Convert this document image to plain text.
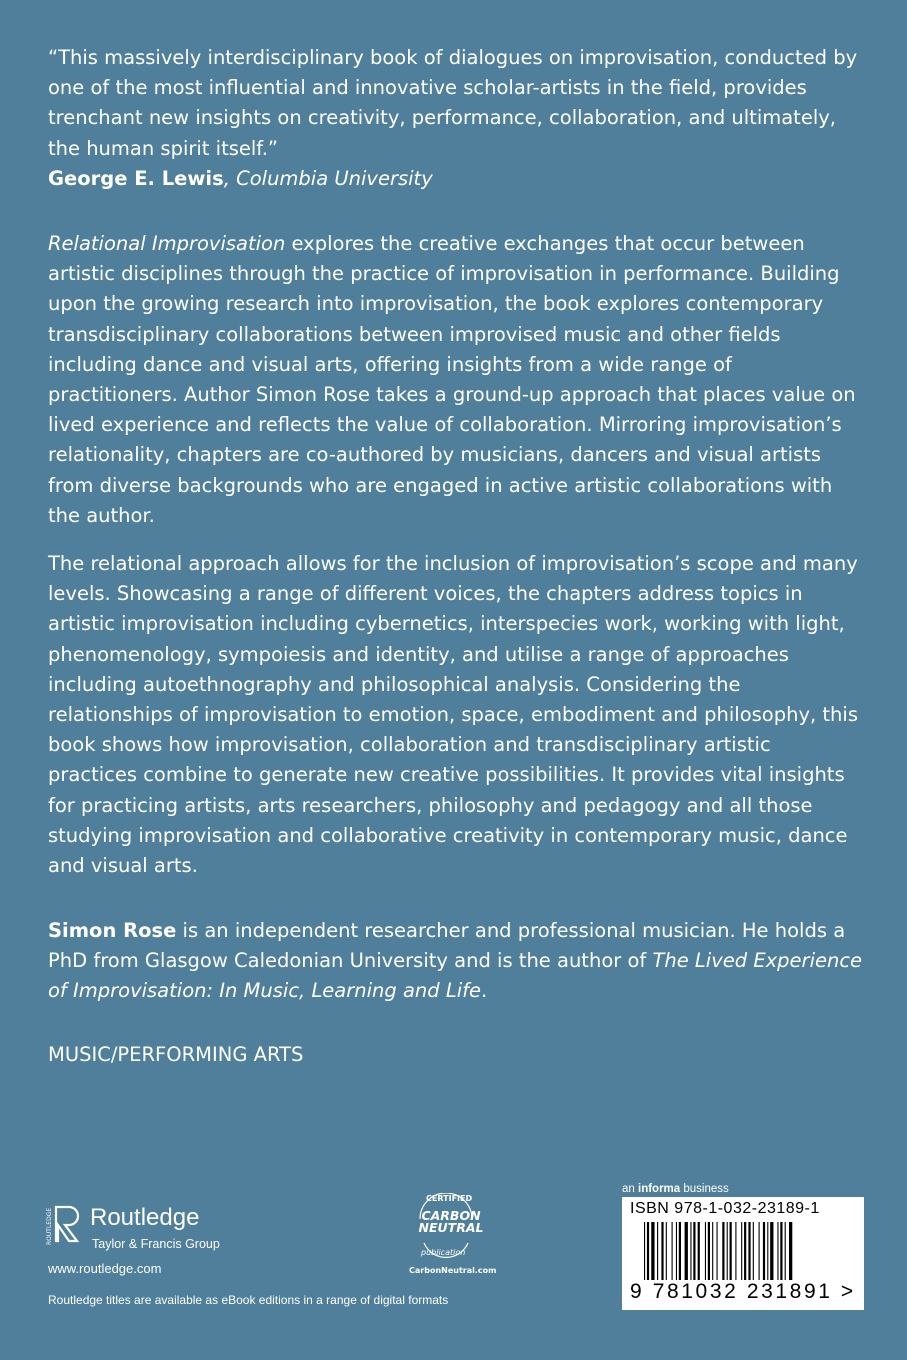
“This massively interdisciplinary book of dialogues on improvisation, conducted by one of the most influential and innovative scholar-artists in the field, provides trenchant new insights on creativity, performance, collaboration, and ultimately, the human spirit itself.”
George E. Lewis, Columbia University
Relational Improvisation explores the creative exchanges that occur between artistic disciplines through the practice of improvisation in performance. Building upon the growing research into improvisation, the book explores contemporary transdisciplinary collaborations between improvised music and other fields including dance and visual arts, offering insights from a wide range of practitioners. Author Simon Rose takes a ground-up approach that places value on lived experience and reflects the value of collaboration. Mirroring improvisation’s relationality, chapters are co-authored by musicians, dancers and visual artists from diverse backgrounds who are engaged in active artistic collaborations with the author.
The relational approach allows for the inclusion of improvisation’s scope and many levels. Showcasing a range of different voices, the chapters address topics in artistic improvisation including cybernetics, interspecies work, working with light, phenomenology, sympoiesis and identity, and utilise a range of approaches including autoethnography and philosophical analysis. Considering the relationships of improvisation to emotion, space, embodiment and philosophy, this book shows how improvisation, collaboration and transdisciplinary artistic practices combine to generate new creative possibilities. It provides vital insights for practicing artists, arts researchers, philosophy and pedagogy and all those studying improvisation and collaborative creativity in contemporary music, dance and visual arts.
Simon Rose is an independent researcher and professional musician. He holds a PhD from Glasgow Caledonian University and is the author of The Lived Experience of Improvisation: In Music, Learning and Life.
MUSIC/PERFORMING ARTS
ROUTLEDGE Routledge
Taylor & Francis Group
www.routledge.com
Routledge titles are available as eBook editions in a range of digital formats
CERTIFIED
CARBON NEUTRAL
publication
CarbonNeutral.com
an informa business
ISBN 978-1-032-23189-1
9 781032 231891 >
